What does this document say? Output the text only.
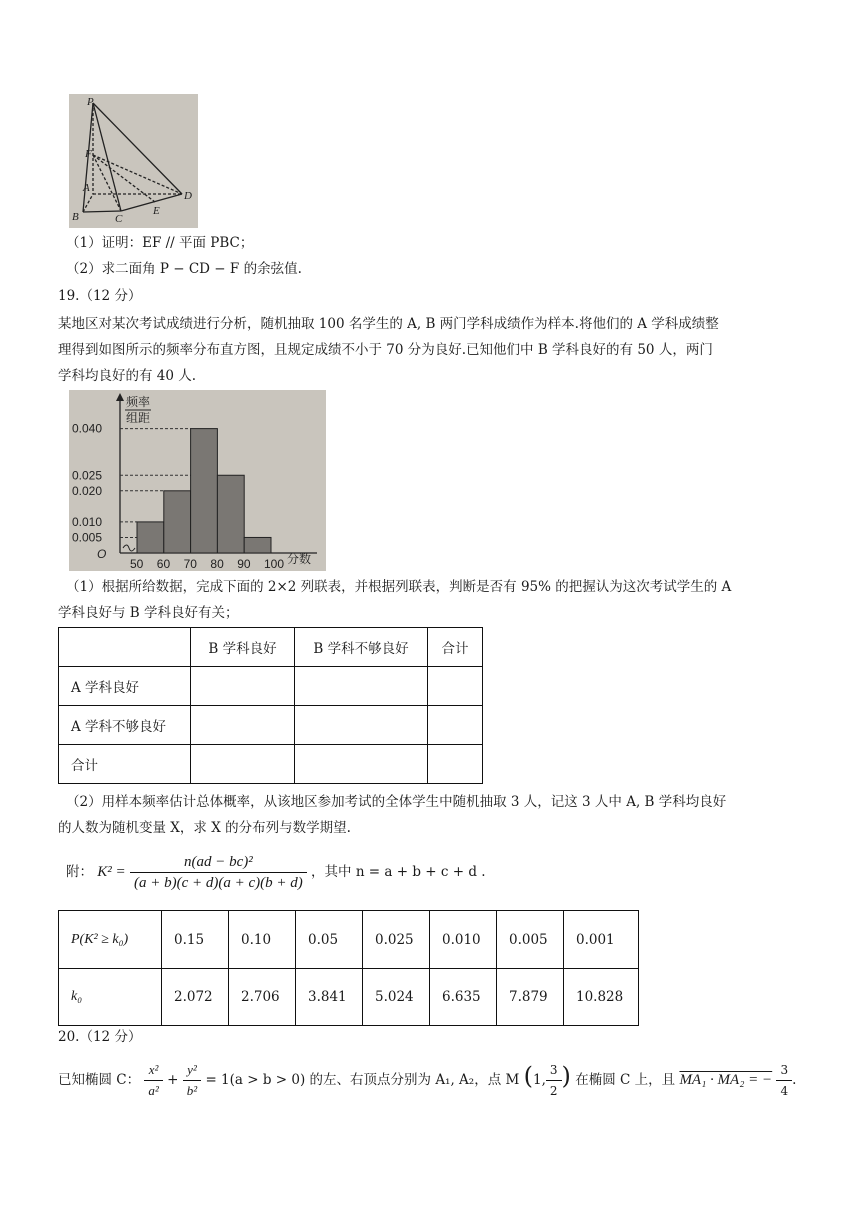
P
F
A
B	C
D
E
（1）证明：EF // 平面 PBC；
（2）求二面角 P − CD − F 的余弦值.
19.（12 分）
某地区对某次考试成绩进行分析，随机抽取 100 名学生的 A, B 两门学科成绩作为样本.将他们的 A 学科成绩整
理得到如图所示的频率分布直方图，且规定成绩不小于 70 分为良好.已知他们中 B 学科良好的有 50 人，两门
学科均良好的有 40 人.
频率
组距
O
0.040
0.025
0.020
0.010
0.005
50 60 70 80 90 100 分数
（1）根据所给数据，完成下面的 2×2 列联表，并根据列联表，判断是否有 95% 的把握认为这次考试学生的 A
学科良好与 B 学科良好有关；
	B 学科良好	B 学科不够良好	合计
A 学科良好			
A 学科不够良好			
合计			
（2）用样本频率估计总体概率，从该地区参加考试的全体学生中随机抽取 3 人，记这 3 人中 A, B 学科均良好
的人数为随机变量 X，求 X 的分布列与数学期望.
附： $K^2 = \frac{\text{n(ad − bc)²}}{(a + b)(c + d)(a + c)(b + d)}$ ，其中 n = a + b + c + d .
P(K² ≥ k₀)	0.15	0.10	0.05	0.025	0.010	0.005	0.001
k₀	2.072	2.706	3.841	5.024	6.635	7.879	10.828
20.（12 分）
已知椭圆 C： $\frac{\text{x²}}{\text{a²}} + \frac{\text{y²}}{\text{b²}} = 1(a > b > 0)$ 的左、右顶点分别为 A₁, A₂，点 M (1, $\frac{3}{2}$ ) 在椭圆 C 上，且 MA₁ · MA₂ = − $\frac{3}{4}$ .
